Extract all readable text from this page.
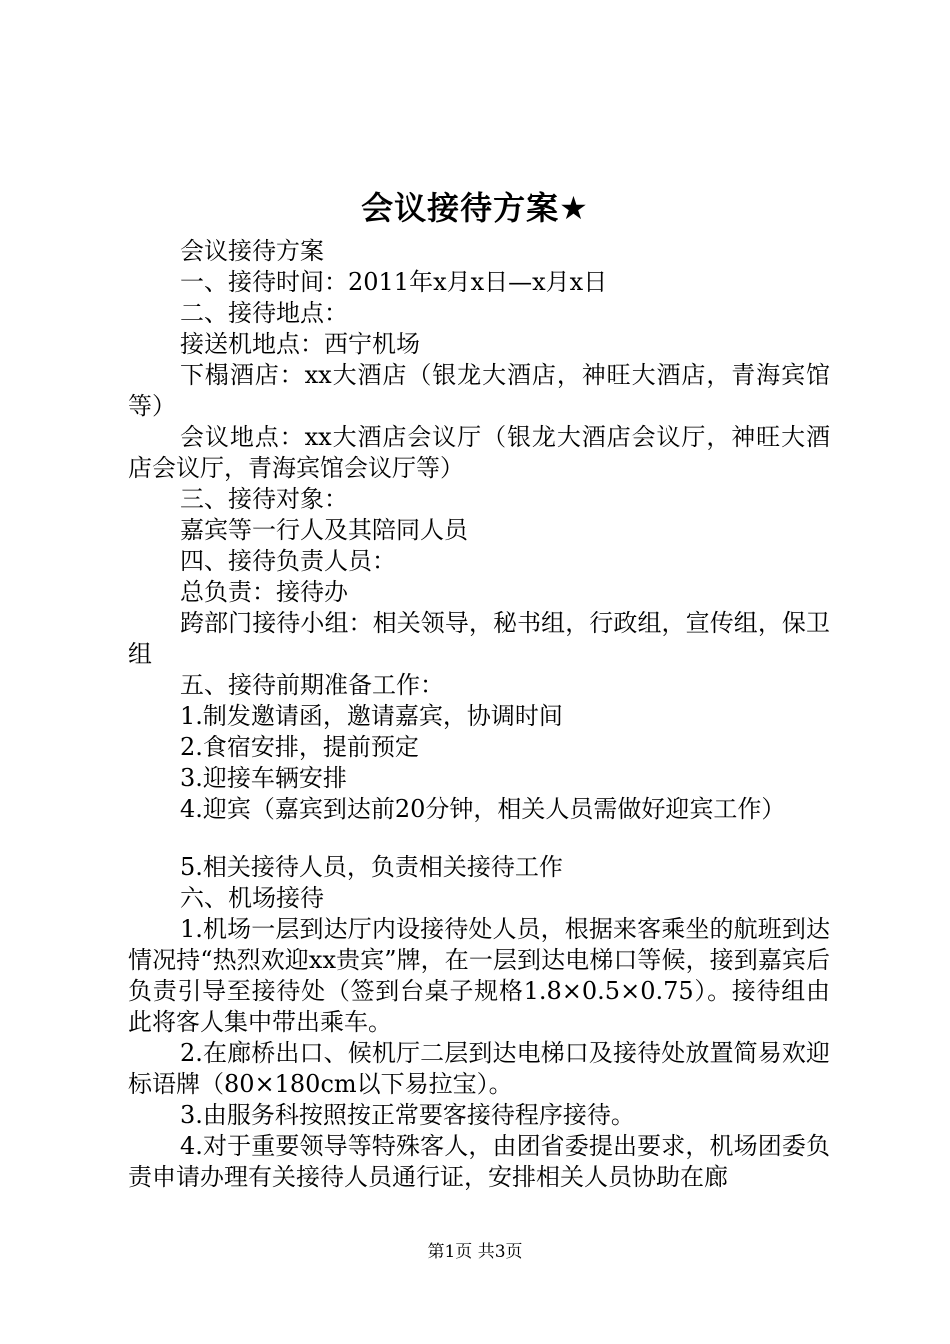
会议接待方案★

会议接待方案

一、接待时间：2011年x月x日—x月x日

二、接待地点：

接送机地点：西宁机场

下榻酒店：xx大酒店（银龙大酒店，神旺大酒店，青海宾馆等）

会议地点：xx大酒店会议厅（银龙大酒店会议厅，神旺大酒店会议厅，青海宾馆会议厅等）

三、接待对象：

嘉宾等一行人及其陪同人员

四、接待负责人员：

总负责：接待办

跨部门接待小组：相关领导，秘书组，行政组，宣传组，保卫组

五、接待前期准备工作：

1.制发邀请函，邀请嘉宾，协调时间

2.食宿安排，提前预定

3.迎接车辆安排

4.迎宾（嘉宾到达前20分钟，相关人员需做好迎宾工作）

5.相关接待人员，负责相关接待工作

六、机场接待

1.机场一层到达厅内设接待处人员，根据来客乘坐的航班到达情况持“热烈欢迎xx贵宾”牌，在一层到达电梯口等候，接到嘉宾后负责引导至接待处（签到台桌子规格1.8×0.5×0.75）。接待组由此将客人集中带出乘车。

2.在廊桥出口、候机厅二层到达电梯口及接待处放置简易欢迎标语牌（80×180cm以下易拉宝）。

3.由服务科按照按正常要客接待程序接待。

4.对于重要领导等特殊客人，由团省委提出要求，机场团委负责申请办理有关接待人员通行证，安排相关人员协助在廊

第1页 共3页
